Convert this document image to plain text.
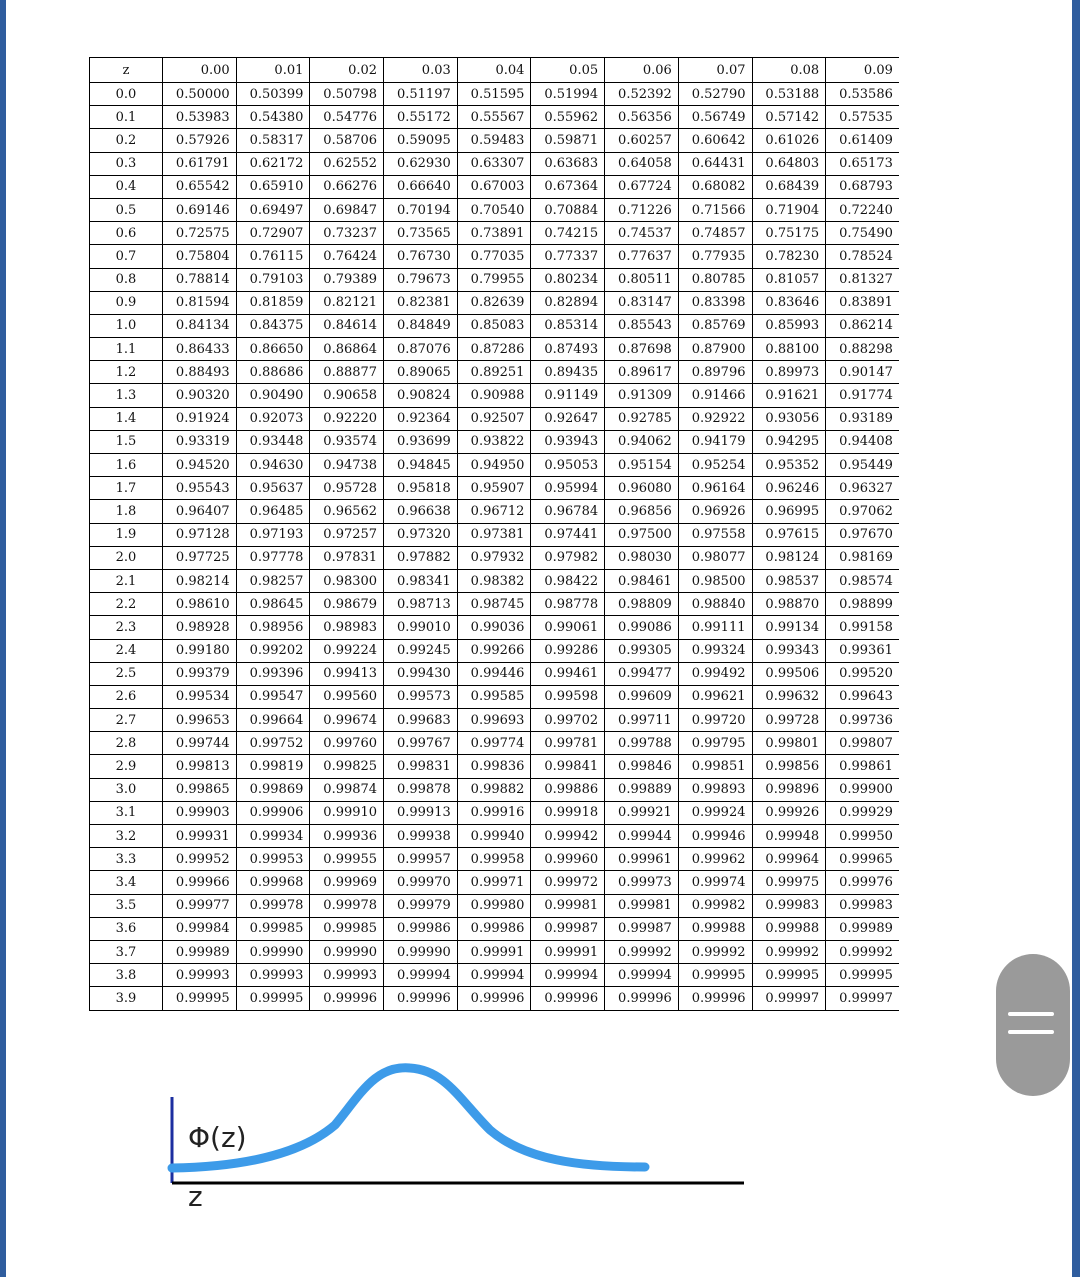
z	0.00	0.01	0.02	0.03	0.04	0.05	0.06	0.07	0.08	0.09
0.0	0.50000	0.50399	0.50798	0.51197	0.51595	0.51994	0.52392	0.52790	0.53188	0.53586
0.1	0.53983	0.54380	0.54776	0.55172	0.55567	0.55962	0.56356	0.56749	0.57142	0.57535
0.2	0.57926	0.58317	0.58706	0.59095	0.59483	0.59871	0.60257	0.60642	0.61026	0.61409
0.3	0.61791	0.62172	0.62552	0.62930	0.63307	0.63683	0.64058	0.64431	0.64803	0.65173
0.4	0.65542	0.65910	0.66276	0.66640	0.67003	0.67364	0.67724	0.68082	0.68439	0.68793
0.5	0.69146	0.69497	0.69847	0.70194	0.70540	0.70884	0.71226	0.71566	0.71904	0.72240
0.6	0.72575	0.72907	0.73237	0.73565	0.73891	0.74215	0.74537	0.74857	0.75175	0.75490
0.7	0.75804	0.76115	0.76424	0.76730	0.77035	0.77337	0.77637	0.77935	0.78230	0.78524
0.8	0.78814	0.79103	0.79389	0.79673	0.79955	0.80234	0.80511	0.80785	0.81057	0.81327
0.9	0.81594	0.81859	0.82121	0.82381	0.82639	0.82894	0.83147	0.83398	0.83646	0.83891
1.0	0.84134	0.84375	0.84614	0.84849	0.85083	0.85314	0.85543	0.85769	0.85993	0.86214
1.1	0.86433	0.86650	0.86864	0.87076	0.87286	0.87493	0.87698	0.87900	0.88100	0.88298
1.2	0.88493	0.88686	0.88877	0.89065	0.89251	0.89435	0.89617	0.89796	0.89973	0.90147
1.3	0.90320	0.90490	0.90658	0.90824	0.90988	0.91149	0.91309	0.91466	0.91621	0.91774
1.4	0.91924	0.92073	0.92220	0.92364	0.92507	0.92647	0.92785	0.92922	0.93056	0.93189
1.5	0.93319	0.93448	0.93574	0.93699	0.93822	0.93943	0.94062	0.94179	0.94295	0.94408
1.6	0.94520	0.94630	0.94738	0.94845	0.94950	0.95053	0.95154	0.95254	0.95352	0.95449
1.7	0.95543	0.95637	0.95728	0.95818	0.95907	0.95994	0.96080	0.96164	0.96246	0.96327
1.8	0.96407	0.96485	0.96562	0.96638	0.96712	0.96784	0.96856	0.96926	0.96995	0.97062
1.9	0.97128	0.97193	0.97257	0.97320	0.97381	0.97441	0.97500	0.97558	0.97615	0.97670
2.0	0.97725	0.97778	0.97831	0.97882	0.97932	0.97982	0.98030	0.98077	0.98124	0.98169
2.1	0.98214	0.98257	0.98300	0.98341	0.98382	0.98422	0.98461	0.98500	0.98537	0.98574
2.2	0.98610	0.98645	0.98679	0.98713	0.98745	0.98778	0.98809	0.98840	0.98870	0.98899
2.3	0.98928	0.98956	0.98983	0.99010	0.99036	0.99061	0.99086	0.99111	0.99134	0.99158
2.4	0.99180	0.99202	0.99224	0.99245	0.99266	0.99286	0.99305	0.99324	0.99343	0.99361
2.5	0.99379	0.99396	0.99413	0.99430	0.99446	0.99461	0.99477	0.99492	0.99506	0.99520
2.6	0.99534	0.99547	0.99560	0.99573	0.99585	0.99598	0.99609	0.99621	0.99632	0.99643
2.7	0.99653	0.99664	0.99674	0.99683	0.99693	0.99702	0.99711	0.99720	0.99728	0.99736
2.8	0.99744	0.99752	0.99760	0.99767	0.99774	0.99781	0.99788	0.99795	0.99801	0.99807
2.9	0.99813	0.99819	0.99825	0.99831	0.99836	0.99841	0.99846	0.99851	0.99856	0.99861
3.0	0.99865	0.99869	0.99874	0.99878	0.99882	0.99886	0.99889	0.99893	0.99896	0.99900
3.1	0.99903	0.99906	0.99910	0.99913	0.99916	0.99918	0.99921	0.99924	0.99926	0.99929
3.2	0.99931	0.99934	0.99936	0.99938	0.99940	0.99942	0.99944	0.99946	0.99948	0.99950
3.3	0.99952	0.99953	0.99955	0.99957	0.99958	0.99960	0.99961	0.99962	0.99964	0.99965
3.4	0.99966	0.99968	0.99969	0.99970	0.99971	0.99972	0.99973	0.99974	0.99975	0.99976
3.5	0.99977	0.99978	0.99978	0.99979	0.99980	0.99981	0.99981	0.99982	0.99983	0.99983
3.6	0.99984	0.99985	0.99985	0.99986	0.99986	0.99987	0.99987	0.99988	0.99988	0.99989
3.7	0.99989	0.99990	0.99990	0.99990	0.99991	0.99991	0.99992	0.99992	0.99992	0.99992
3.8	0.99993	0.99993	0.99993	0.99994	0.99994	0.99994	0.99994	0.99995	0.99995	0.99995
3.9	0.99995	0.99995	0.99996	0.99996	0.99996	0.99996	0.99996	0.99996	0.99997	0.99997
Φ(z)
z
